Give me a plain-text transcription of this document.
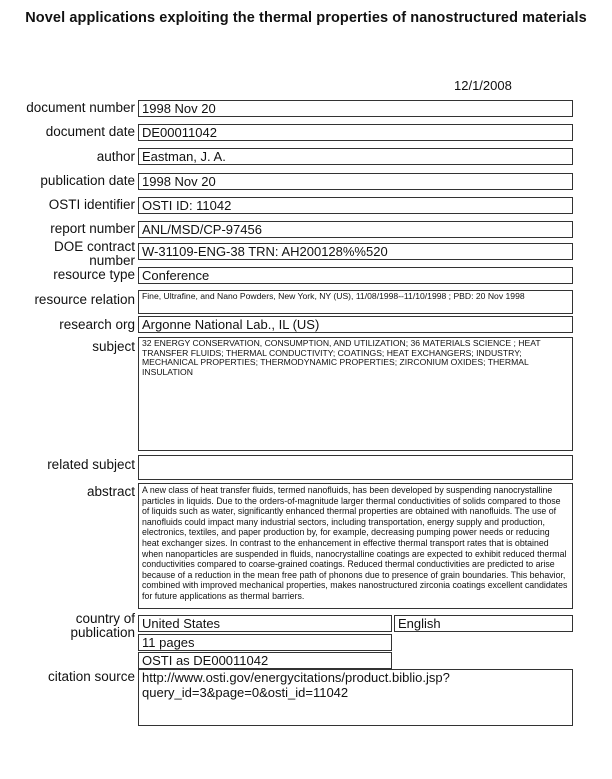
Novel applications exploiting the thermal properties of nanostructured materials
12/1/2008
document number 1998 Nov 20
document date DE00011042
author Eastman, J. A.
publication date 1998 Nov 20
OSTI identifier OSTI ID: 11042
report number ANL/MSD/CP-97456
DOE contract
number
W-31109-ENG-38 TRN: AH200128%%520
resource type Conference
resource relation Fine, Ultrafine, and Nano Powders, New York, NY (US), 11/08/1998--11/10/1998 ; PBD: 20 Nov 1998
research org Argonne National Lab., IL (US)
subject 32 ENERGY CONSERVATION, CONSUMPTION, AND UTILIZATION; 36 MATERIALS SCIENCE ; HEAT TRANSFER FLUIDS; THERMAL CONDUCTIVITY; COATINGS; HEAT EXCHANGERS; INDUSTRY; MECHANICAL PROPERTIES; THERMODYNAMIC PROPERTIES; ZIRCONIUM OXIDES; THERMAL INSULATION
related subject
abstract A new class of heat transfer fluids, termed nanofluids, has been developed by suspending nanocrystalline particles in liquids. Due to the orders-of-magnitude larger thermal conductivities of solids compared to those of liquids such as water, significantly enhanced thermal properties are obtained with nanofluids. The use of nanofluids could impact many industrial sectors, including transportation, energy supply and production, electronics, textiles, and paper production by, for example, decreasing pumping power needs or reducing heat exchanger sizes. In contrast to the enhancement in effective thermal transport rates that is obtained when nanoparticles are suspended in fluids, nanocrystalline coatings are expected to exhibit reduced thermal conductivities compared to coarse-grained coatings. Reduced thermal conductivities are predicted to arise because of a reduction in the mean free path of phonons due to presence of grain boundaries. This behavior, combined with improved mechanical properties, makes nanostructured zirconia coatings excellent candidates for future applications as thermal barriers.
country of
publication
United States	English
11 pages
OSTI as DE00011042
citation source http://www.osti.gov/energycitations/product.biblio.jsp?
query_id=3&page=0&osti_id=11042
